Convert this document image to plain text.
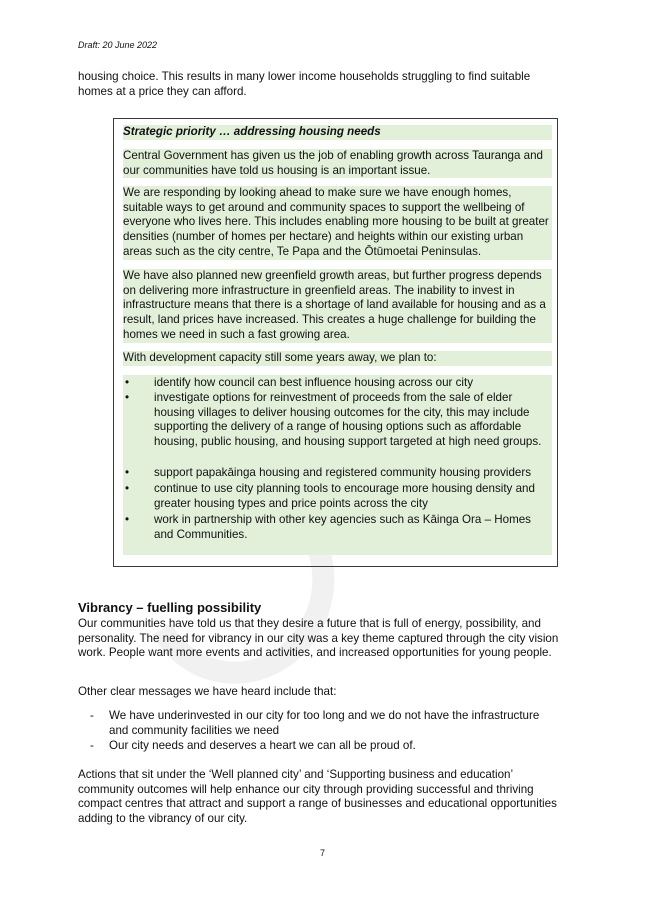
Draft: 20 June 2022

housing choice. This results in many lower income households struggling to find suitable homes at a price they can afford.

Strategic priority … addressing housing needs

Central Government has given us the job of enabling growth across Tauranga and our communities have told us housing is an important issue.

We are responding by looking ahead to make sure we have enough homes, suitable ways to get around and community spaces to support the wellbeing of everyone who lives here. This includes enabling more housing to be built at greater densities (number of homes per hectare) and heights within our existing urban areas such as the city centre, Te Papa and the Ōtūmoetai Peninsulas.

We have also planned new greenfield growth areas, but further progress depends on delivering more infrastructure in greenfield areas. The inability to invest in infrastructure means that there is a shortage of land available for housing and as a result, land prices have increased. This creates a huge challenge for building the homes we need in such a fast growing area.

With development capacity still some years away, we plan to:

• identify how council can best influence housing across our city
• investigate options for reinvestment of proceeds from the sale of elder housing villages to deliver housing outcomes for the city, this may include supporting the delivery of a range of housing options such as affordable housing, public housing, and housing support targeted at high need groups.
• support papakāinga housing and registered community housing providers
• continue to use city planning tools to encourage more housing density and greater housing types and price points across the city
• work in partnership with other key agencies such as Kāinga Ora – Homes and Communities.
Vibrancy – fuelling possibility

Our communities have told us that they desire a future that is full of energy, possibility, and personality. The need for vibrancy in our city was a key theme captured through the city vision work. People want more events and activities, and increased opportunities for young people.

Other clear messages we have heard include that:

- We have underinvested in our city for too long and we do not have the infrastructure and community facilities we need
- Our city needs and deserves a heart we can all be proud of.

Actions that sit under the ‘Well planned city’ and ‘Supporting business and education’ community outcomes will help enhance our city through providing successful and thriving compact centres that attract and support a range of businesses and educational opportunities adding to the vibrancy of our city.

7
